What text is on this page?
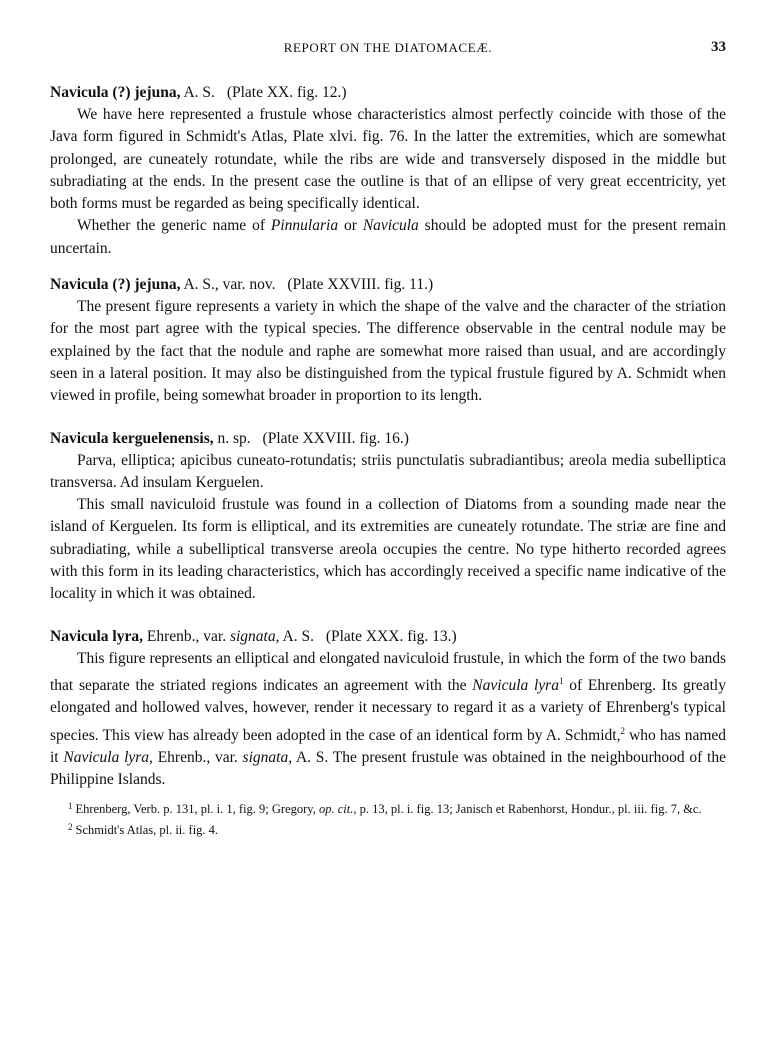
REPORT ON THE DIATOMACEÆ.	33

Navicula (?) jejuna, A. S. (Plate XX. fig. 12.)

We have here represented a frustule whose characteristics almost perfectly coincide with those of the Java form figured in Schmidt's Atlas, Plate xlvi. fig. 76. In the latter the extremities, which are somewhat prolonged, are cuneately rotundate, while the ribs are wide and transversely disposed in the middle but subradiating at the ends. In the present case the outline is that of an ellipse of very great eccentricity, yet both forms must be regarded as being specifically identical.

Whether the generic name of Pinnularia or Navicula should be adopted must for the present remain uncertain.

Navicula (?) jejuna, A. S., var. nov. (Plate XXVIII. fig. 11.)

The present figure represents a variety in which the shape of the valve and the character of the striation for the most part agree with the typical species. The difference observable in the central nodule may be explained by the fact that the nodule and raphe are somewhat more raised than usual, and are accordingly seen in a lateral position. It may also be distinguished from the typical frustule figured by A. Schmidt when viewed in profile, being somewhat broader in proportion to its length.

Navicula kerguelenensis, n. sp. (Plate XXVIII. fig. 16.)

Parva, elliptica; apicibus cuneato-rotundatis; striis punctulatis subradiantibus; areola media subelliptica transversa. Ad insulam Kerguelen.

This small naviculoid frustule was found in a collection of Diatoms from a sounding made near the island of Kerguelen. Its form is elliptical, and its extremities are cuneately rotundate. The striæ are fine and subradiating, while a subelliptical transverse areola occupies the centre. No type hitherto recorded agrees with this form in its leading characteristics, which has accordingly received a specific name indicative of the locality in which it was obtained.

Navicula lyra, Ehrenb., var. signata, A. S. (Plate XXX. fig. 13.)

This figure represents an elliptical and elongated naviculoid frustule, in which the form of the two bands that separate the striated regions indicates an agreement with the Navicula lyra$^1$ of Ehrenberg. Its greatly elongated and hollowed valves, however, render it necessary to regard it as a variety of Ehrenberg's typical species. This view has already been adopted in the case of an identical form by A. Schmidt,$^2$ who has named it Navicula lyra, Ehrenb., var. signata, A. S. The present frustule was obtained in the neighbourhood of the Philippine Islands.

$^1$ Ehrenberg, Verb. p. 131, pl. i. 1, fig. 9; Gregory, op. cit., p. 13, pl. i. fig. 13; Janisch et Rabenhorst, Hondur., pl. iii. fig. 7, &c.

$^2$ Schmidt's Atlas, pl. ii. fig. 4.
